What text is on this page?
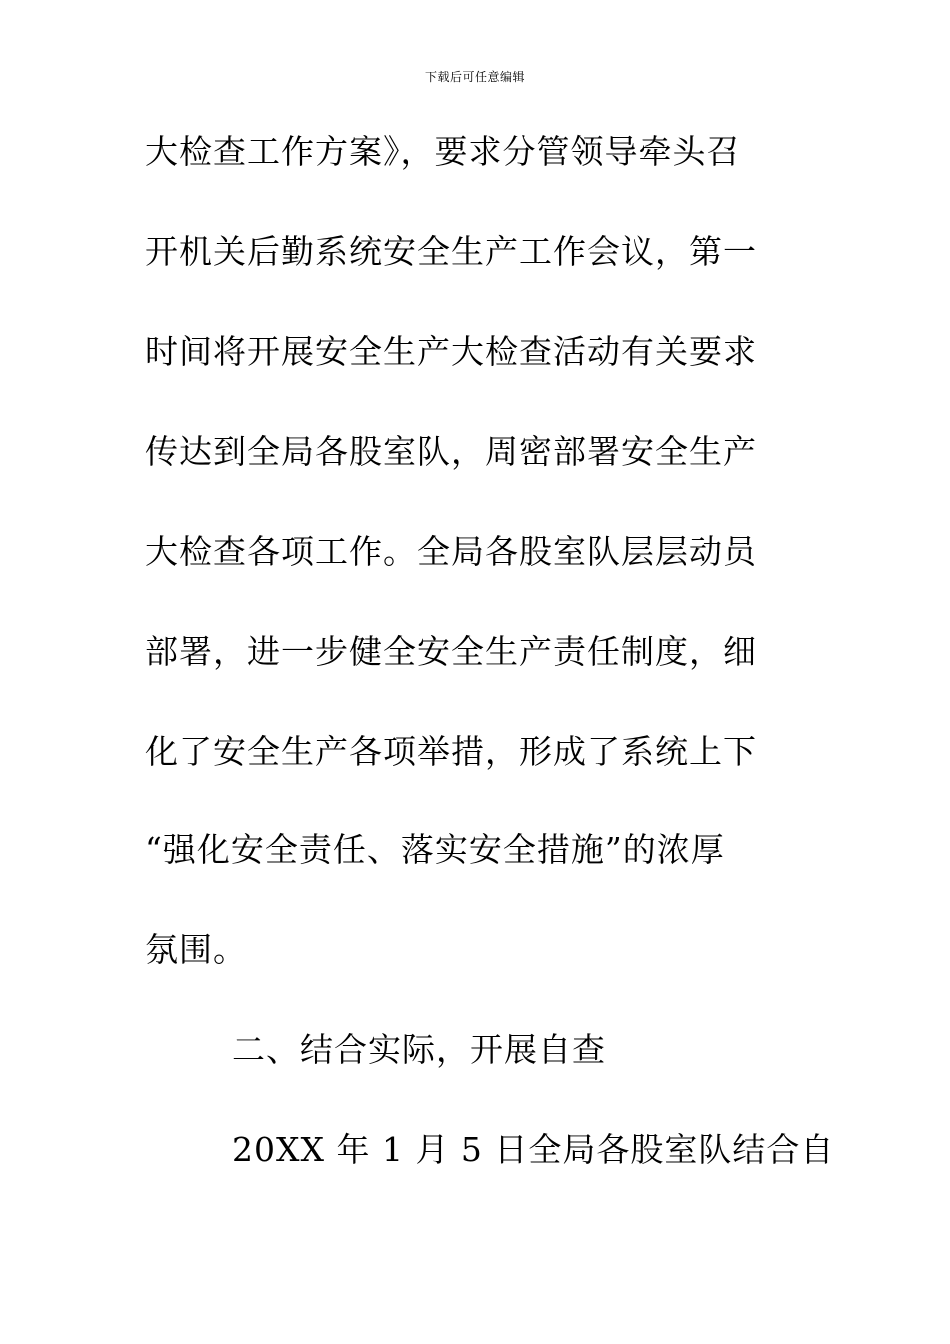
下载后可任意编辑
大检查工作方案》，要求分管领导牵头召
开机关后勤系统安全生产工作会议，第一
时间将开展安全生产大检查活动有关要求
传达到全局各股室队，周密部署安全生产
大检查各项工作。全局各股室队层层动员
部署，进一步健全安全生产责任制度，细
化了安全生产各项举措，形成了系统上下
“强化安全责任、落实安全措施”的浓厚
氛围。
二、结合实际，开展自查
20XX 年 1 月 5 日全局各股室队结合自
